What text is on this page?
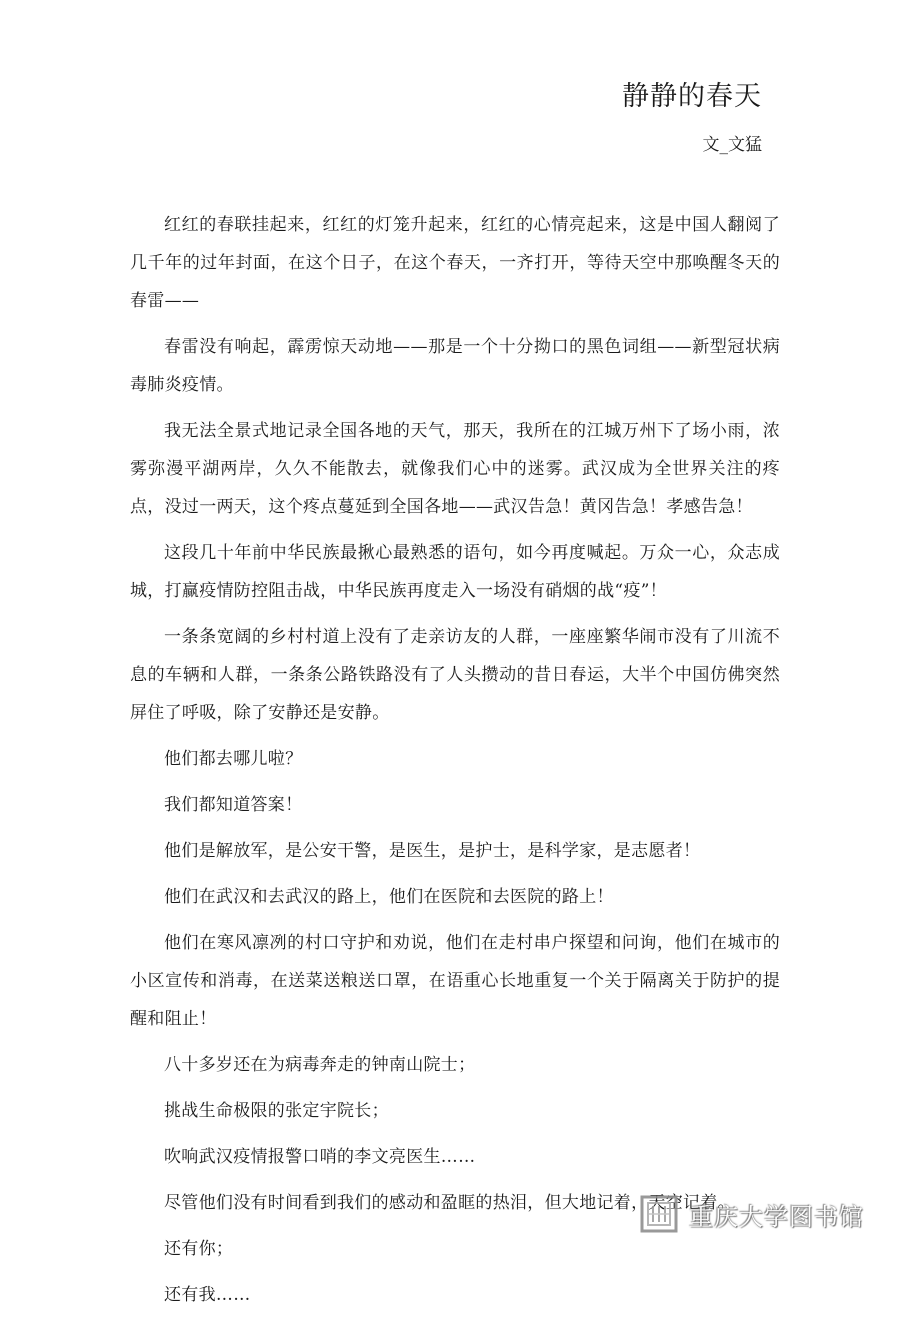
静静的春天
文_文猛

红红的春联挂起来，红红的灯笼升起来，红红的心情亮起来，这是中国人翻阅了几千年的过年封面，在这个日子，在这个春天，一齐打开，等待天空中那唤醒冬天的春雷——

春雷没有响起，霹雳惊天动地——那是一个十分拗口的黑色词组——新型冠状病毒肺炎疫情。

我无法全景式地记录全国各地的天气，那天，我所在的江城万州下了场小雨，浓雾弥漫平湖两岸，久久不能散去，就像我们心中的迷雾。武汉成为全世界关注的疼点，没过一两天，这个疼点蔓延到全国各地——武汉告急！黄冈告急！孝感告急！

这段几十年前中华民族最揪心最熟悉的语句，如今再度喊起。万众一心，众志成城，打赢疫情防控阻击战，中华民族再度走入一场没有硝烟的战“疫”！

一条条宽阔的乡村村道上没有了走亲访友的人群，一座座繁华闹市没有了川流不息的车辆和人群，一条条公路铁路没有了人头攒动的昔日春运，大半个中国仿佛突然屏住了呼吸，除了安静还是安静。

他们都去哪儿啦？

我们都知道答案！

他们是解放军，是公安干警，是医生，是护士，是科学家，是志愿者！

他们在武汉和去武汉的路上，他们在医院和去医院的路上！

他们在寒风凛冽的村口守护和劝说，他们在走村串户探望和问询，他们在城市的小区宣传和消毒，在送菜送粮送口罩，在语重心长地重复一个关于隔离关于防护的提醒和阻止！

八十多岁还在为病毒奔走的钟南山院士；

挑战生命极限的张定宇院长；

吹响武汉疫情报警口哨的李文亮医生……

尽管他们没有时间看到我们的感动和盈眶的热泪，但大地记着，天空记着。

还有你；

还有我……

重庆大学图书馆
